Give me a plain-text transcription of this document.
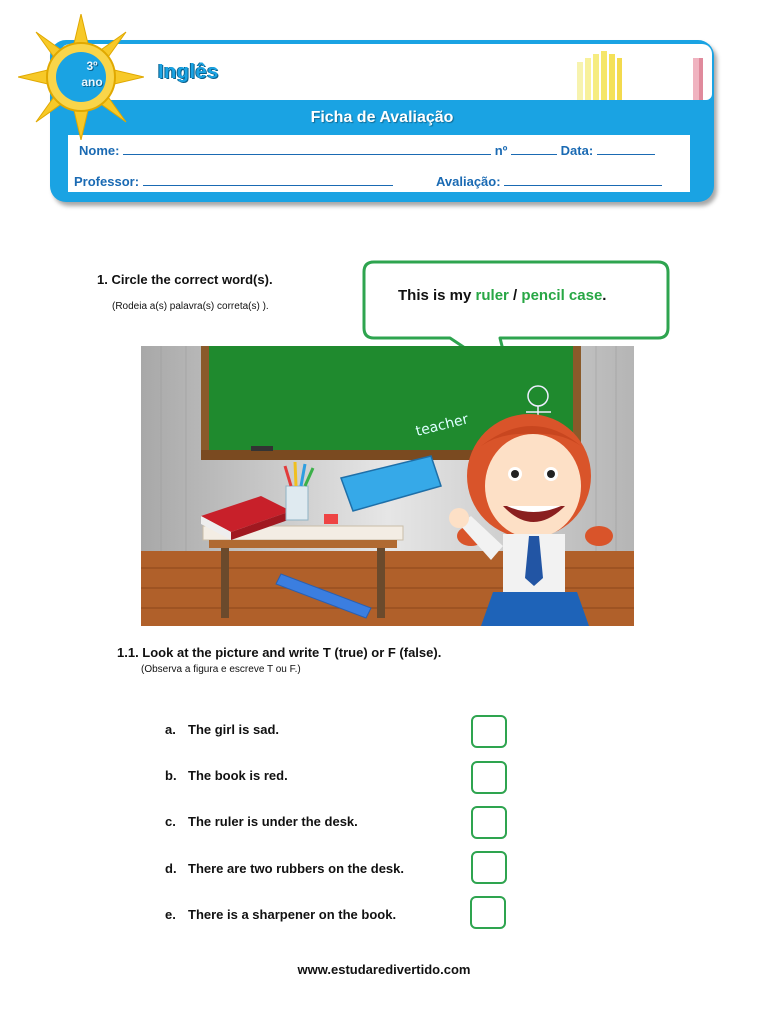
Inglês
Ficha de Avaliação
Nome:	nº	Data:
Professor:	Avaliação:
3º
ano
1. Circle the correct word(s).
(Rodeia a(s) palavra(s) correta(s) ).
This is my ruler / pencil case.
teacher
1.1. Look at the picture and write T (true) or F (false).
(Observa a figura e escreve T ou F.)
a. The girl is sad.
b. The book is red.
c. The ruler is under the desk.
d. There are two rubbers on the desk.
e. There is a sharpener on the book.
www.estudaredivertido.com
